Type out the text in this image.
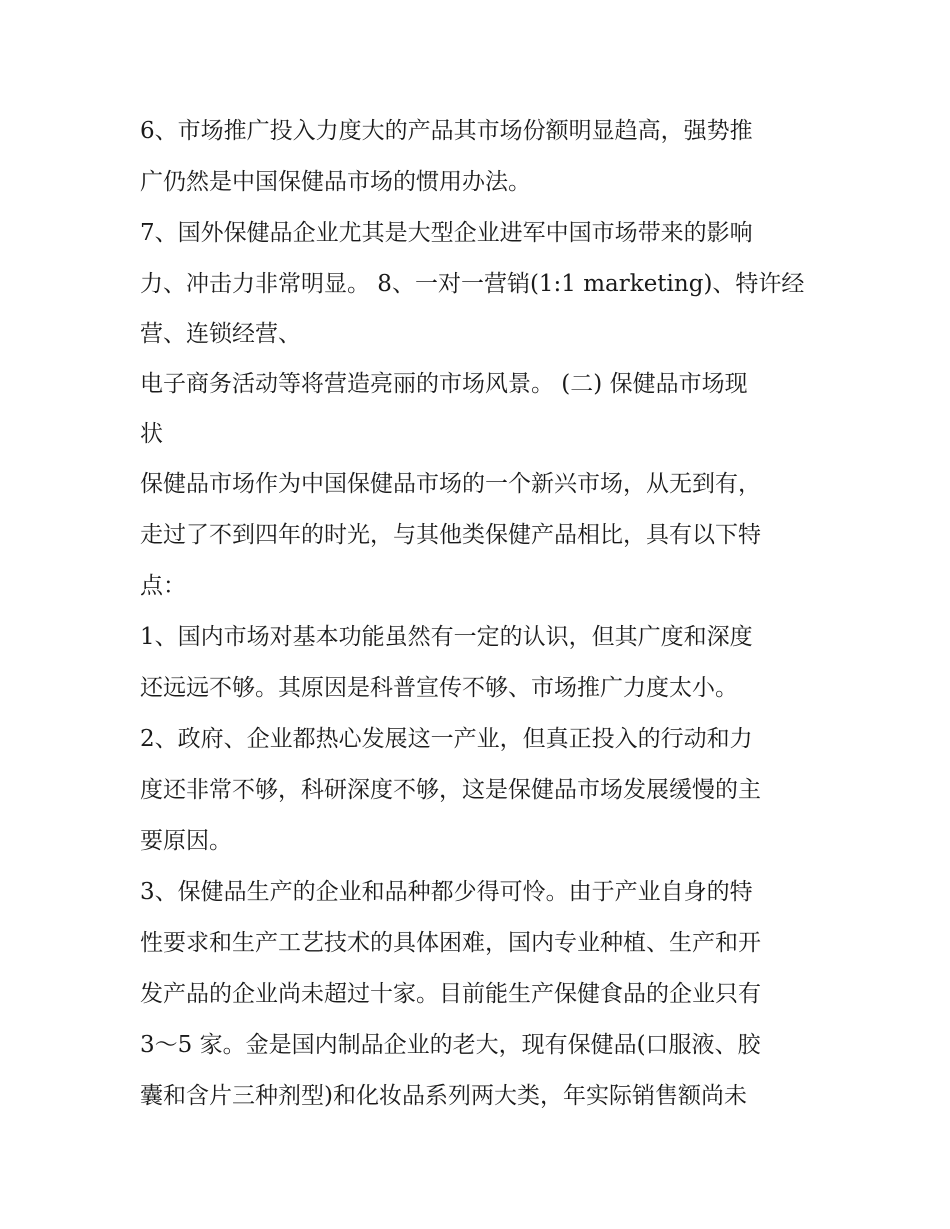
6、市场推广投入力度大的产品其市场份额明显趋高，强势推
广仍然是中国保健品市场的惯用办法。
7、国外保健品企业尤其是大型企业进军中国市场带来的影响
力、冲击力非常明显。 8、一对一营销(1:1 marketing)、特许经
营、连锁经营、
电子商务活动等将营造亮丽的市场风景。 (二) 保健品市场现
状
保健品市场作为中国保健品市场的一个新兴市场，从无到有，
走过了不到四年的时光，与其他类保健产品相比，具有以下特
点：
1、国内市场对基本功能虽然有一定的认识，但其广度和深度
还远远不够。其原因是科普宣传不够、市场推广力度太小。
2、政府、企业都热心发展这一产业，但真正投入的行动和力
度还非常不够，科研深度不够，这是保健品市场发展缓慢的主
要原因。
3、保健品生产的企业和品种都少得可怜。由于产业自身的特
性要求和生产工艺技术的具体困难，国内专业种植、生产和开
发产品的企业尚未超过十家。目前能生产保健食品的企业只有
3～5 家。金是国内制品企业的老大，现有保健品(口服液、胶
囊和含片三种剂型)和化妆品系列两大类，年实际销售额尚未
